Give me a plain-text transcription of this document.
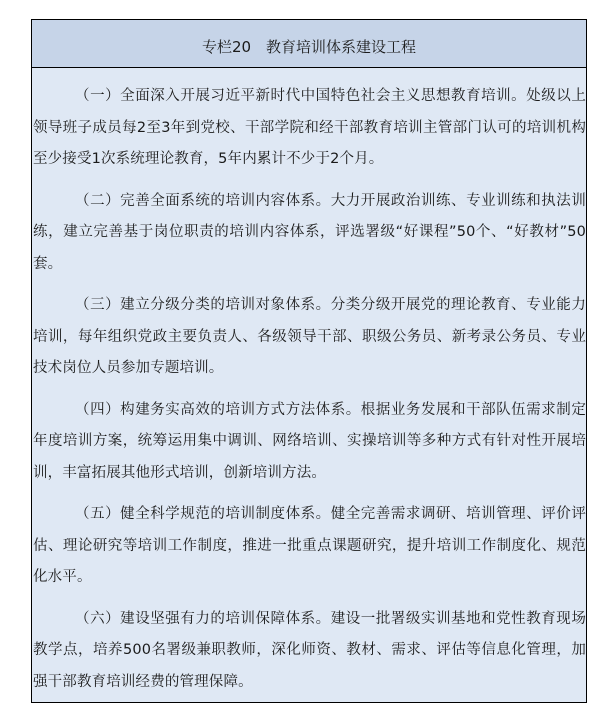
专栏20　教育培训体系建设工程

（一）全面深入开展习近平新时代中国特色社会主义思想教育培训。处级以上领导班子成员每2至3年到党校、干部学院和经干部教育培训主管部门认可的培训机构至少接受1次系统理论教育，5年内累计不少于2个月。

（二）完善全面系统的培训内容体系。大力开展政治训练、专业训练和执法训练，建立完善基于岗位职责的培训内容体系，评选署级“好课程”50个、“好教材”50套。

（三）建立分级分类的培训对象体系。分类分级开展党的理论教育、专业能力培训，每年组织党政主要负责人、各级领导干部、职级公务员、新考录公务员、专业技术岗位人员参加专题培训。

（四）构建务实高效的培训方式方法体系。根据业务发展和干部队伍需求制定年度培训方案，统筹运用集中调训、网络培训、实操培训等多种方式有针对性开展培训，丰富拓展其他形式培训，创新培训方法。

（五）健全科学规范的培训制度体系。健全完善需求调研、培训管理、评价评估、理论研究等培训工作制度，推进一批重点课题研究，提升培训工作制度化、规范化水平。

（六）建设坚强有力的培训保障体系。建设一批署级实训基地和党性教育现场教学点，培养500名署级兼职教师，深化师资、教材、需求、评估等信息化管理，加强干部教育培训经费的管理保障。
